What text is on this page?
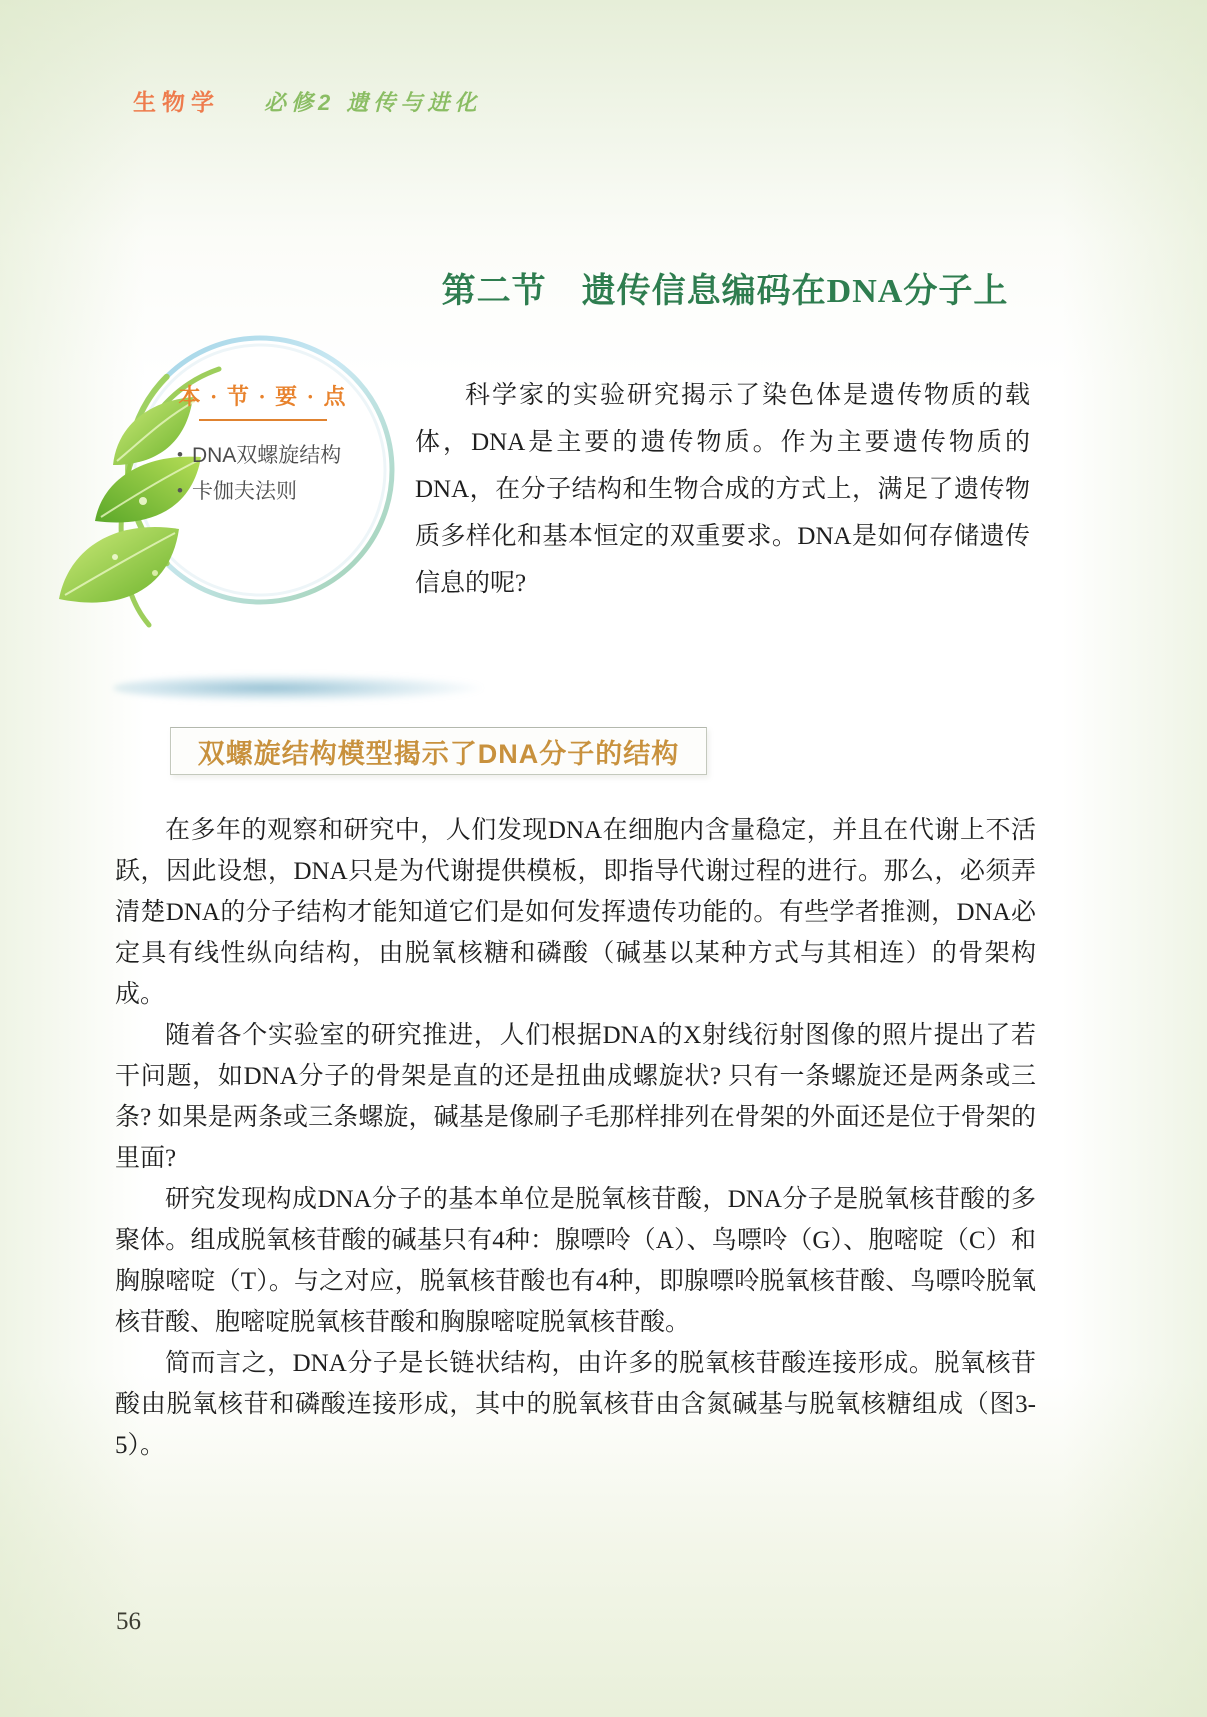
生物学 必修2 遗传与进化
第二节　遗传信息编码在DNA分子上
本 · 节 · 要 · 点
• DNA双螺旋结构
• 卡伽夫法则

科学家的实验研究揭示了染色体是遗传物质的载体，DNA是主要的遗传物质。作为主要遗传物质的DNA，在分子结构和生物合成的方式上，满足了遗传物质多样化和基本恒定的双重要求。DNA是如何存储遗传信息的呢?

双螺旋结构模型揭示了DNA分子的结构

在多年的观察和研究中，人们发现DNA在细胞内含量稳定，并且在代谢上不活跃，因此设想，DNA只是为代谢提供模板，即指导代谢过程的进行。那么，必须弄清楚DNA的分子结构才能知道它们是如何发挥遗传功能的。有些学者推测，DNA必定具有线性纵向结构，由脱氧核糖和磷酸（碱基以某种方式与其相连）的骨架构成。

随着各个实验室的研究推进，人们根据DNA的X射线衍射图像的照片提出了若干问题，如DNA分子的骨架是直的还是扭曲成螺旋状? 只有一条螺旋还是两条或三条? 如果是两条或三条螺旋，碱基是像刷子毛那样排列在骨架的外面还是位于骨架的里面?

研究发现构成DNA分子的基本单位是脱氧核苷酸，DNA分子是脱氧核苷酸的多聚体。组成脱氧核苷酸的碱基只有4种：腺嘌呤（A）、鸟嘌呤（G）、胞嘧啶（C）和胸腺嘧啶（T）。与之对应，脱氧核苷酸也有4种，即腺嘌呤脱氧核苷酸、鸟嘌呤脱氧核苷酸、胞嘧啶脱氧核苷酸和胸腺嘧啶脱氧核苷酸。

简而言之，DNA分子是长链状结构，由许多的脱氧核苷酸连接形成。脱氧核苷酸由脱氧核苷和磷酸连接形成，其中的脱氧核苷由含氮碱基与脱氧核糖组成（图3-5）。

56
